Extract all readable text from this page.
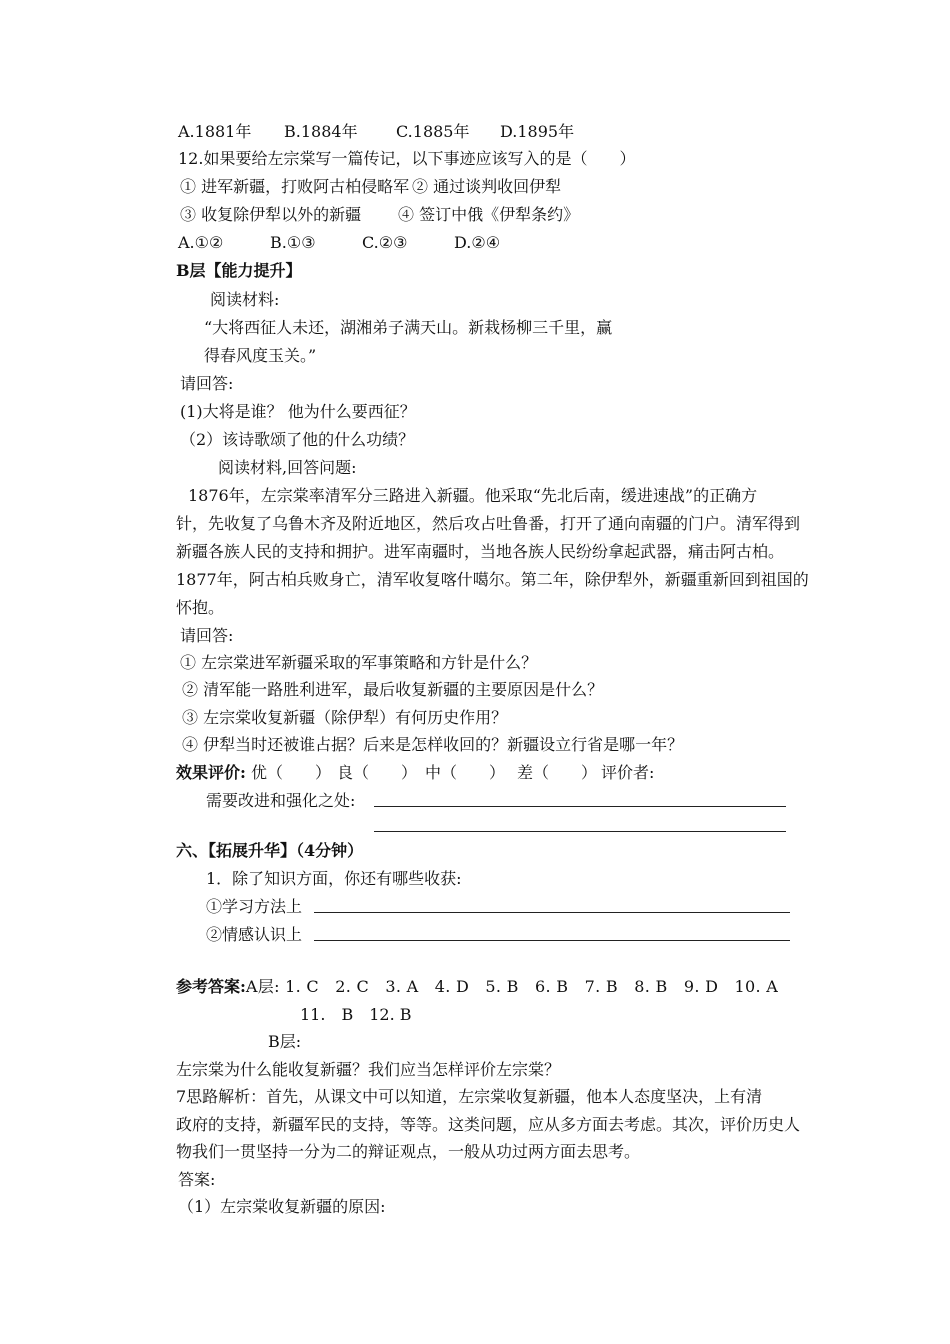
A.1881年 B.1884年 C.1885年 D.1895年
12.如果要给左宗棠写一篇传记，以下事迹应该写入的是（　　）
① 进军新疆，打败阿古柏侵略军 ② 通过谈判收回伊犁
③ 收复除伊犁以外的新疆 ④ 签订中俄《伊犁条约》
A.①②	B.①③	C.②③	D.②④
B层【能力提升】
阅读材料:
“大将西征人未还，湖湘弟子满天山。新栽杨柳三千里，赢
得春风度玉关。”
请回答:
(1)大将是谁？ 他为什么要西征？
（2）该诗歌颂了他的什么功绩？
阅读材料,回答问题:
1876年，左宗棠率清军分三路进入新疆。他采取“先北后南，缓进速战”的正确方
针，先收复了乌鲁木齐及附近地区，然后攻占吐鲁番，打开了通向南疆的门户。清军得到
新疆各族人民的支持和拥护。进军南疆时，当地各族人民纷纷拿起武器，痛击阿古柏。
1877年，阿古柏兵败身亡，清军收复喀什噶尔。第二年，除伊犁外，新疆重新回到祖国的
怀抱。
请回答:
① 左宗棠进军新疆采取的军事策略和方针是什么？
② 清军能一路胜利进军，最后收复新疆的主要原因是什么？
③ 左宗棠收复新疆（除伊犁）有何历史作用？
④ 伊犁当时还被谁占据？后来是怎样收回的？新疆设立行省是哪一年？
效果评价: 优（　　） 良（　　） 中（　　） 差（　　） 评价者:
需要改进和强化之处:
六、【拓展升华】（4分钟）
1．除了知识方面，你还有哪些收获:
①学习方法上
②情感认识上
参考答案:A层: 1. C　2. C　3. A　4. D　5. B　6. B　7. B　8. B　9. D　10. A
11.　B　12. B
B层:
左宗棠为什么能收复新疆？我们应当怎样评价左宗棠？
7思路解析：首先，从课文中可以知道，左宗棠收复新疆，他本人态度坚决，上有清
政府的支持，新疆军民的支持，等等。这类问题，应从多方面去考虑。其次，评价历史人
物我们一贯坚持一分为二的辩证观点，一般从功过两方面去思考。
答案:
（1）左宗棠收复新疆的原因:
